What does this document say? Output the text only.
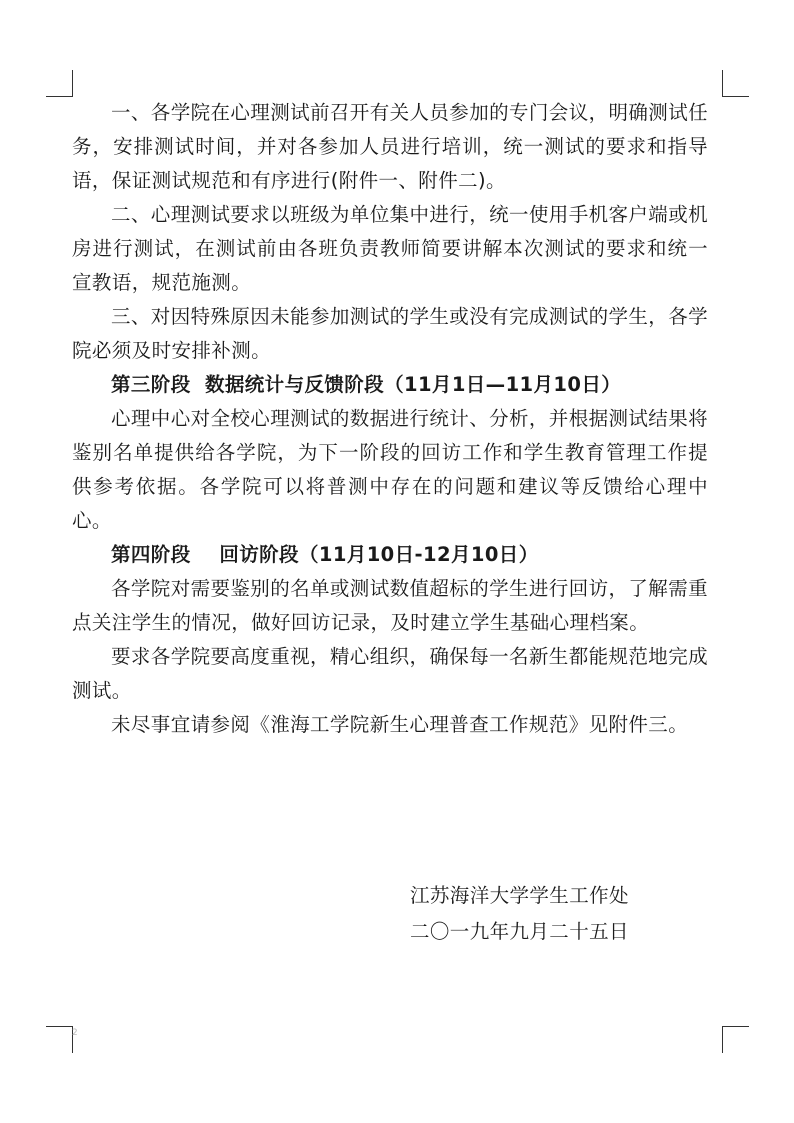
一、各学院在心理测试前召开有关人员参加的专门会议，明确测试任务，安排测试时间，并对各参加人员进行培训，统一测试的要求和指导语，保证测试规范和有序进行(附件一、附件二)。

二、心理测试要求以班级为单位集中进行，统一使用手机客户端或机房进行测试，在测试前由各班负责教师简要讲解本次测试的要求和统一宣教语，规范施测。

三、对因特殊原因未能参加测试的学生或没有完成测试的学生，各学院必须及时安排补测。

第三阶段  数据统计与反馈阶段（11月1日—11月10日）

心理中心对全校心理测试的数据进行统计、分析，并根据测试结果将鉴别名单提供给各学院，为下一阶段的回访工作和学生教育管理工作提供参考依据。各学院可以将普测中存在的问题和建议等反馈给心理中心。

第四阶段    回访阶段（11月10日-12月10日）

各学院对需要鉴别的名单或测试数值超标的学生进行回访，了解需重点关注学生的情况，做好回访记录，及时建立学生基础心理档案。

要求各学院要高度重视，精心组织，确保每一名新生都能规范地完成测试。

未尽事宜请参阅《淮海工学院新生心理普查工作规范》见附件三。

江苏海洋大学学生工作处
二〇一九年九月二十五日
2
